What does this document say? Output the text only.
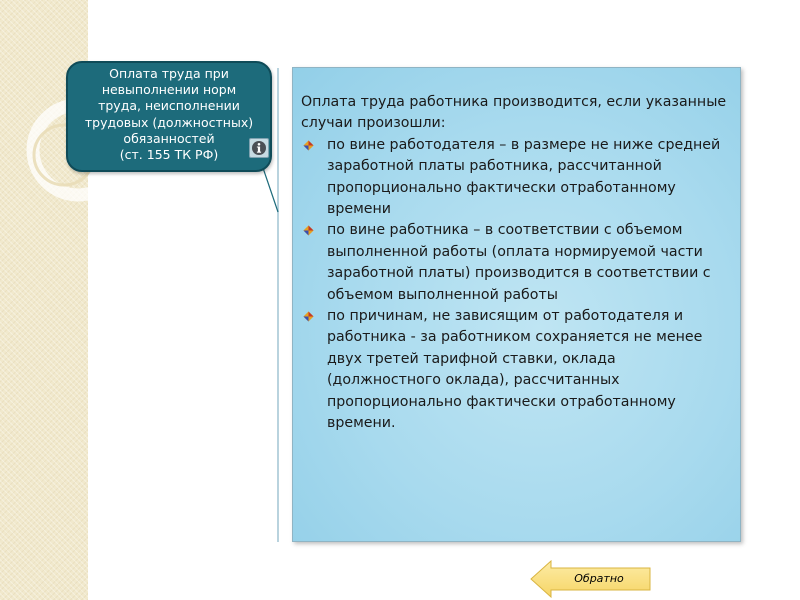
Оплата труда при
невыполнении норм
труда, неисполнении
трудовых (должностных)
обязанностей
(ст. 155 ТК РФ)

Оплата труда работника производится, если указанные случаи произошли:

по вине работодателя – в размере не ниже средней заработной платы работника, рассчитанной пропорционально фактически отработанному времени
по вине работника – в соответствии с объемом выполненной работы (оплата нормируемой части заработной платы) производится в соответствии с объемом выполненной работы
по причинам, не зависящим от работодателя и работника - за работником сохраняется не менее двух третей тарифной ставки, оклада (должностного оклада), рассчитанных пропорционально фактически отработанному времени.
Обратно
